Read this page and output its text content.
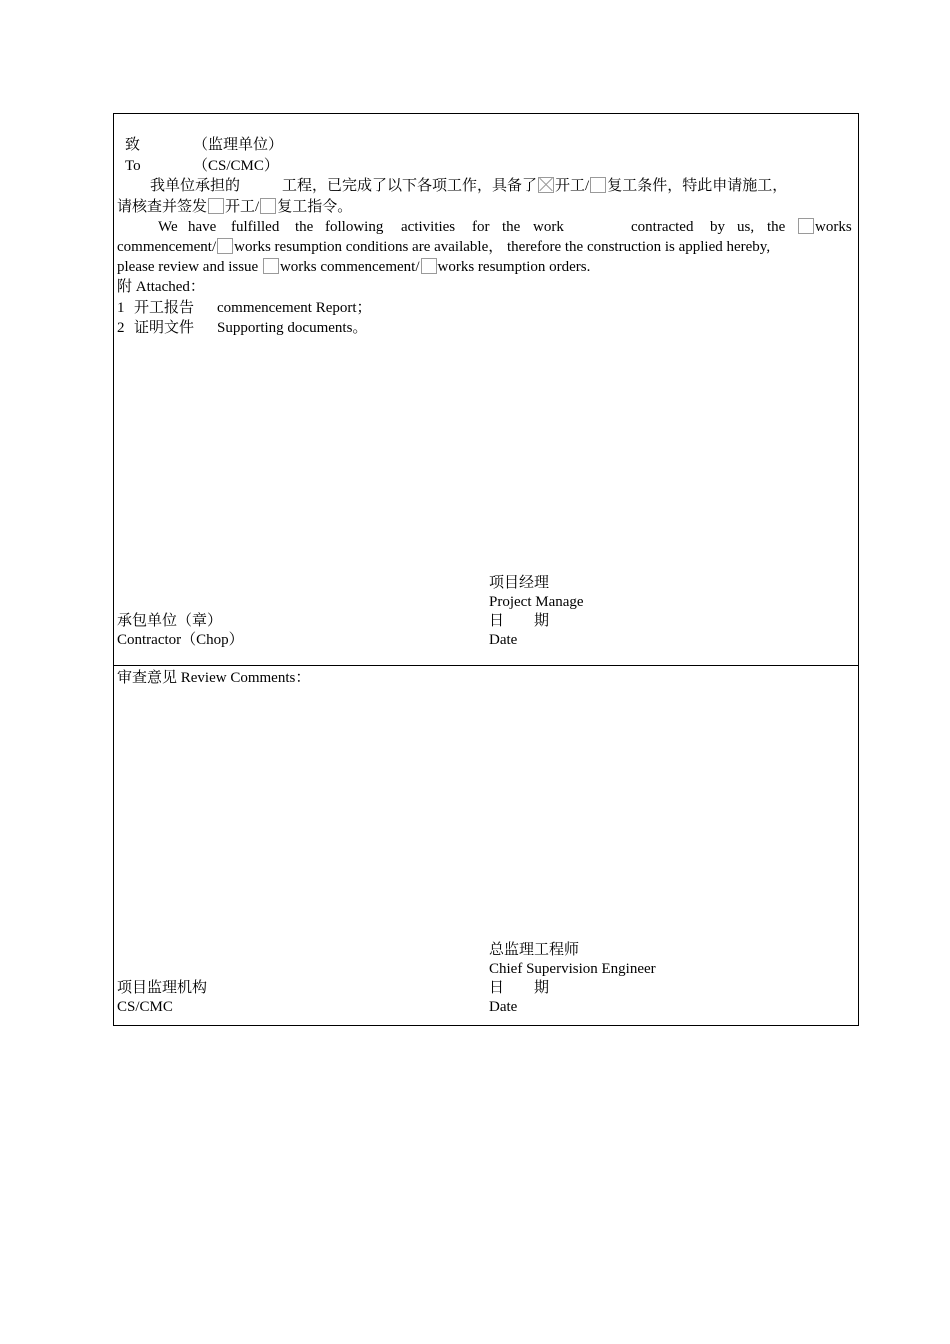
致	（监理单位）
To	（CS/CMC）
我单位承担的	工程，已完成了以下各项工作，具备了 开工/ 复工条件，特此申请施工，
请核查并签发 开工/ 复工指令。
We have fulfilled the following activities for the work	contracted by us, the	works
commencement/ works resumption conditions are available， therefore the construction is applied hereby,
please review and issue works commencement/ works resumption orders.
附 Attached：
1 开工报告 commencement Report；
2 证明文件 Supporting documents。
项目经理
Project Manage
承包单位（章）	日　　期
Contractor（Chop）	Date
审查意见 Review Comments：
总监理工程师
Chief Supervision Engineer
项目监理机构	日　　期
CS/CMC	Date
